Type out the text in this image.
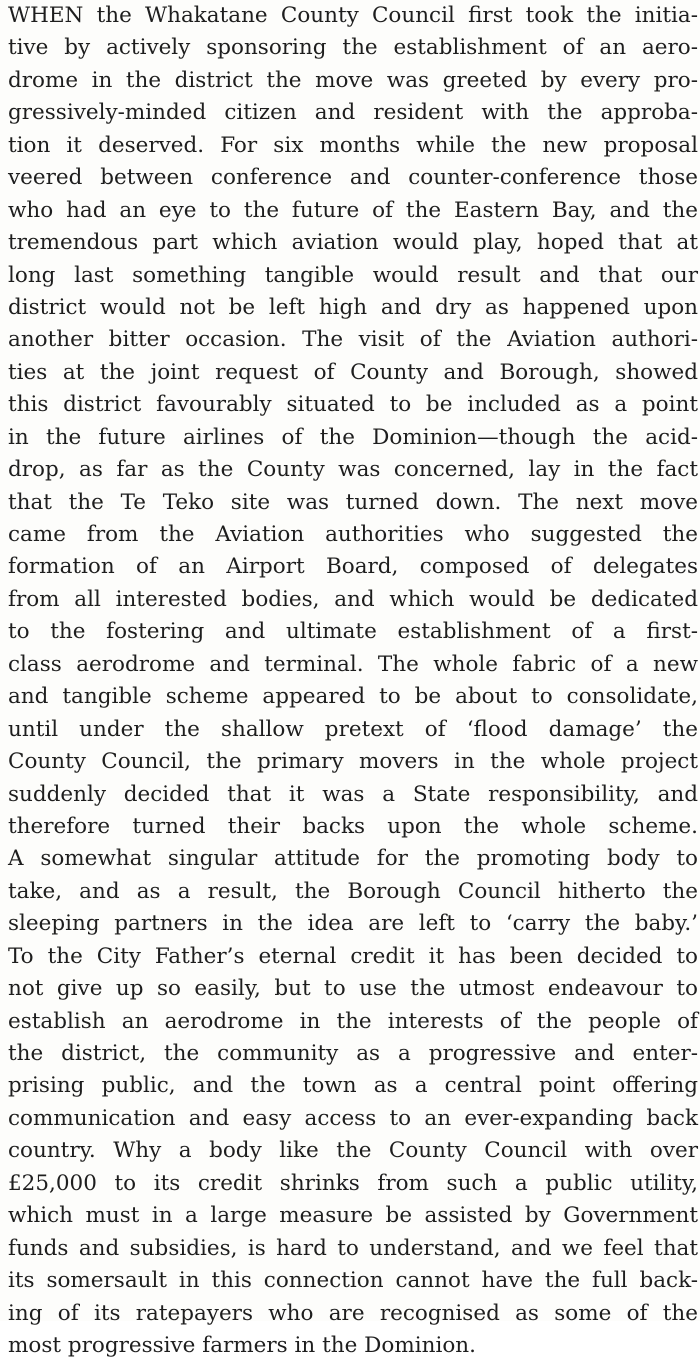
WHEN the Whakatane County Council first took the initia-
tive by actively sponsoring the establishment of an aero-
drome in the district the move was greeted by every pro-
gressively-minded citizen and resident with the approba-
tion it deserved. For six months while the new proposal
veered between conference and counter-conference those
who had an eye to the future of the Eastern Bay, and the
tremendous part which aviation would play, hoped that at
long last something tangible would result and that our
district would not be left high and dry as happened upon
another bitter occasion. The visit of the Aviation authori-
ties at the joint request of County and Borough, showed
this district favourably situated to be included as a point
in the future airlines of the Dominion—though the acid-
drop, as far as the County was concerned, lay in the fact
that the Te Teko site was turned down. The next move
came from the Aviation authorities who suggested the
formation of an Airport Board, composed of delegates
from all interested bodies, and which would be dedicated
to the fostering and ultimate establishment of a first-
class aerodrome and terminal. The whole fabric of a new
and tangible scheme appeared to be about to consolidate,
until under the shallow pretext of ‘flood damage’ the
County Council, the primary movers in the whole project
suddenly decided that it was a State responsibility, and
therefore turned their backs upon the whole scheme.
A somewhat singular attitude for the promoting body to
take, and as a result, the Borough Council hitherto the
sleeping partners in the idea are left to ‘carry the baby.’
To the City Father’s eternal credit it has been decided to
not give up so easily, but to use the utmost endeavour to
establish an aerodrome in the interests of the people of
the district, the community as a progressive and enter-
prising public, and the town as a central point offering
communication and easy access to an ever-expanding back
country. Why a body like the County Council with over
£25,000 to its credit shrinks from such a public utility,
which must in a large measure be assisted by Government
funds and subsidies, is hard to understand, and we feel that
its somersault in this connection cannot have the full back-
ing of its ratepayers who are recognised as some of the
most progressive farmers in the Dominion.
